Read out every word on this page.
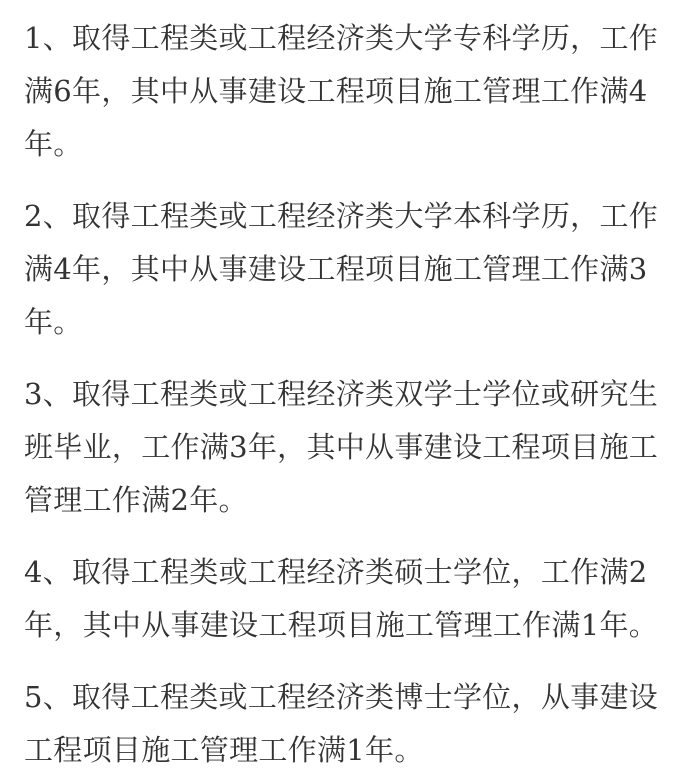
1、取得工程类或工程经济类大学专科学历，工作满6年，其中从事建设工程项目施工管理工作满4年。

2、取得工程类或工程经济类大学本科学历，工作满4年，其中从事建设工程项目施工管理工作满3年。

3、取得工程类或工程经济类双学士学位或研究生班毕业，工作满3年，其中从事建设工程项目施工管理工作满2年。

4、取得工程类或工程经济类硕士学位，工作满2年，其中从事建设工程项目施工管理工作满1年。

5、取得工程类或工程经济类博士学位，从事建设工程项目施工管理工作满1年。
